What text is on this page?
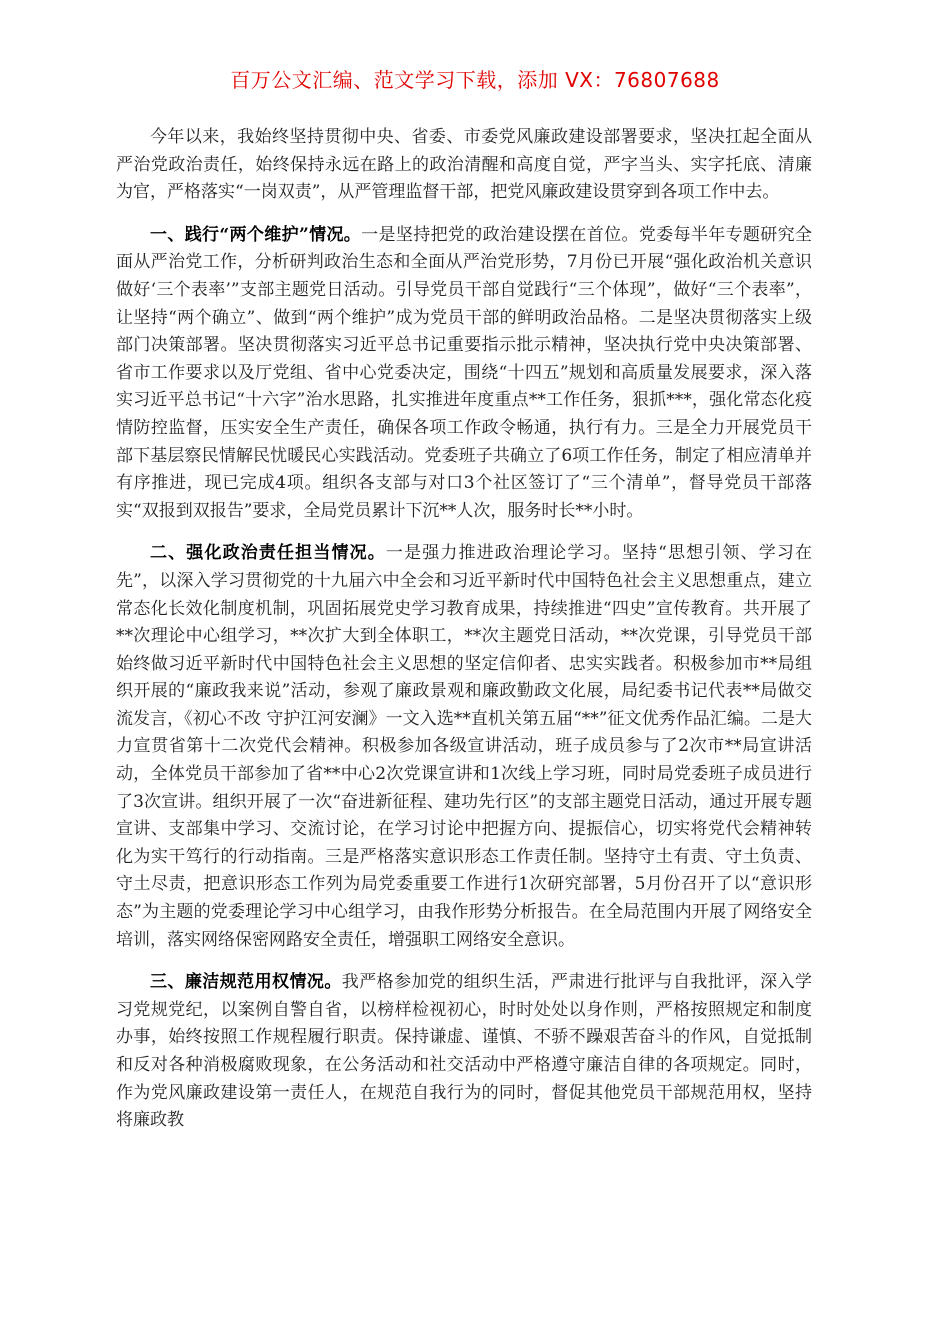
百万公文汇编、范文学习下载，添加 VX：76807688

今年以来，我始终坚持贯彻中央、省委、市委党风廉政建设部署要求，坚决扛起全面从严治党政治责任，始终保持永远在路上的政治清醒和高度自觉，严字当头、实字托底、清廉为官，严格落实“一岗双责”，从严管理监督干部，把党风廉政建设贯穿到各项工作中去。

一、践行“两个维护”情况。一是坚持把党的政治建设摆在首位。党委每半年专题研究全面从严治党工作，分析研判政治生态和全面从严治党形势，7月份已开展“强化政治机关意识 做好‘三个表率’”支部主题党日活动。引导党员干部自觉践行“三个体现”，做好“三个表率”，让坚持“两个确立”、做到“两个维护”成为党员干部的鲜明政治品格。二是坚决贯彻落实上级部门决策部署。坚决贯彻落实习近平总书记重要指示批示精神，坚决执行党中央决策部署、省市工作要求以及厅党组、省中心党委决定，围绕“十四五”规划和高质量发展要求，深入落实习近平总书记“十六字”治水思路，扎实推进年度重点**工作任务，狠抓***，强化常态化疫情防控监督，压实安全生产责任，确保各项工作政令畅通，执行有力。三是全力开展党员干部下基层察民情解民忧暖民心实践活动。党委班子共确立了6项工作任务，制定了相应清单并有序推进，现已完成4项。组织各支部与对口3个社区签订了“三个清单”，督导党员干部落实“双报到双报告”要求，全局党员累计下沉**人次，服务时长**小时。

二、强化政治责任担当情况。一是强力推进政治理论学习。坚持“思想引领、学习在先”，以深入学习贯彻党的十九届六中全会和习近平新时代中国特色社会主义思想重点，建立常态化长效化制度机制，巩固拓展党史学习教育成果，持续推进“四史”宣传教育。共开展了**次理论中心组学习，**次扩大到全体职工，**次主题党日活动，**次党课，引导党员干部始终做习近平新时代中国特色社会主义思想的坚定信仰者、忠实实践者。积极参加市**局组织开展的“廉政我来说”活动，参观了廉政景观和廉政勤政文化展，局纪委书记代表**局做交流发言，《初心不改 守护江河安澜》一文入选**直机关第五届“**”征文优秀作品汇编。二是大力宣贯省第十二次党代会精神。积极参加各级宣讲活动，班子成员参与了2次市**局宣讲活动，全体党员干部参加了省**中心2次党课宣讲和1次线上学习班，同时局党委班子成员进行了3次宣讲。组织开展了一次“奋进新征程、建功先行区”的支部主题党日活动，通过开展专题宣讲、支部集中学习、交流讨论，在学习讨论中把握方向、提振信心，切实将党代会精神转化为实干笃行的行动指南。三是严格落实意识形态工作责任制。坚持守土有责、守土负责、守土尽责，把意识形态工作列为局党委重要工作进行1次研究部署，5月份召开了以“意识形态”为主题的党委理论学习中心组学习，由我作形势分析报告。在全局范围内开展了网络安全培训，落实网络保密网路安全责任，增强职工网络安全意识。

三、廉洁规范用权情况。我严格参加党的组织生活，严肃进行批评与自我批评，深入学习党规党纪，以案例自警自省，以榜样检视初心，时时处处以身作则，严格按照规定和制度办事，始终按照工作规程履行职责。保持谦虚、谨慎、不骄不躁艰苦奋斗的作风，自觉抵制和反对各种消极腐败现象，在公务活动和社交活动中严格遵守廉洁自律的各项规定。同时，作为党风廉政建设第一责任人，在规范自我行为的同时，督促其他党员干部规范用权，坚持将廉政教
